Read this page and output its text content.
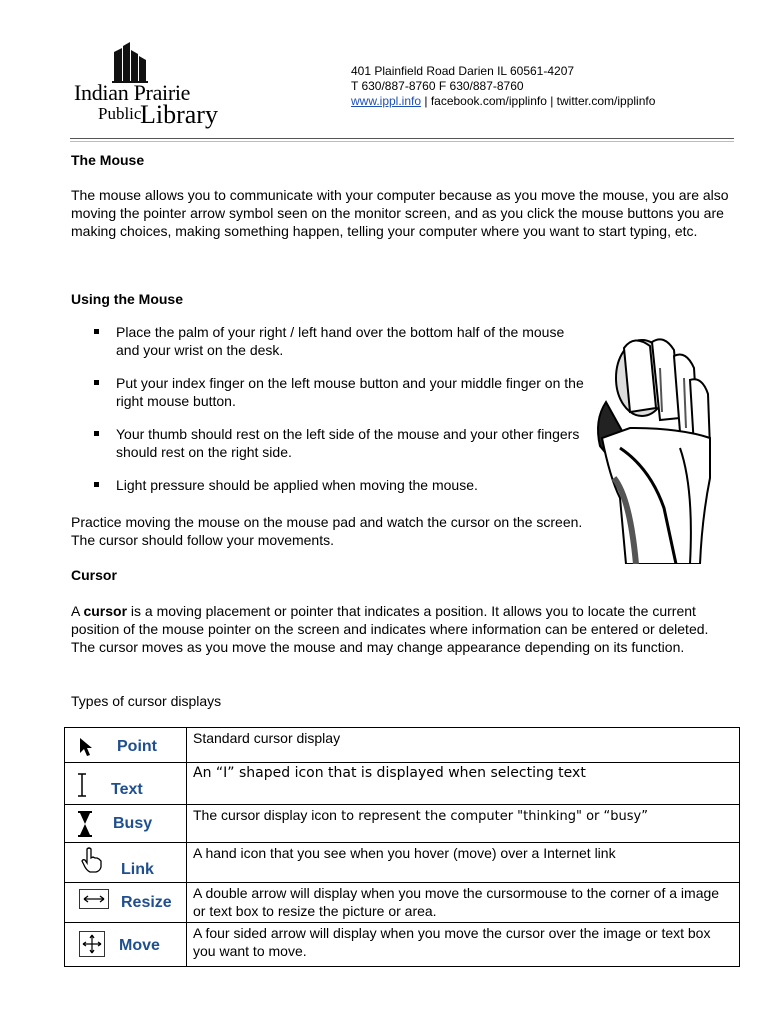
Indian Prairie
Public
Library
401 Plainfield Road Darien IL 60561-4207
T 630/887-8760 F 630/887-8760
www.ippl.info | facebook.com/ipplinfo | twitter.com/ipplinfo
The Mouse

The mouse allows you to communicate with your computer because as you move the mouse, you are also moving the pointer arrow symbol seen on the monitor screen, and as you click the mouse buttons you are making choices, making something happen, telling your computer where you want to start typing, etc.

Using the Mouse
Place the palm of your right / left hand over the bottom half of the mouse and your wrist on the desk.
Put your index finger on the left mouse button and your middle finger on the right mouse button.
Your thumb should rest on the left side of the mouse and your other fingers should rest on the right side.
Light pressure should be applied when moving the mouse.

Practice moving the mouse on the mouse pad and watch the cursor on the screen. The cursor should follow your movements.

Cursor

A cursor is a moving placement or pointer that indicates a position. It allows you to locate the current position of the mouse pointer on the screen and indicates where information can be entered or deleted. The cursor moves as you move the mouse and may change appearance depending on its function.

Types of cursor displays

Point	Standard cursor display

Text	An “I” shaped icon that is displayed when selecting text

Busy	The cursor display icon to represent the computer "thinking" or “busy”

Link	A hand icon that you see when you hover (move) over a Internet link

Resize	A double arrow will display when you move the cursormouse to the corner of a image or text box to resize the picture or area.

Move	A four sided arrow will display when you move the cursor over the image or text box you want to move.
